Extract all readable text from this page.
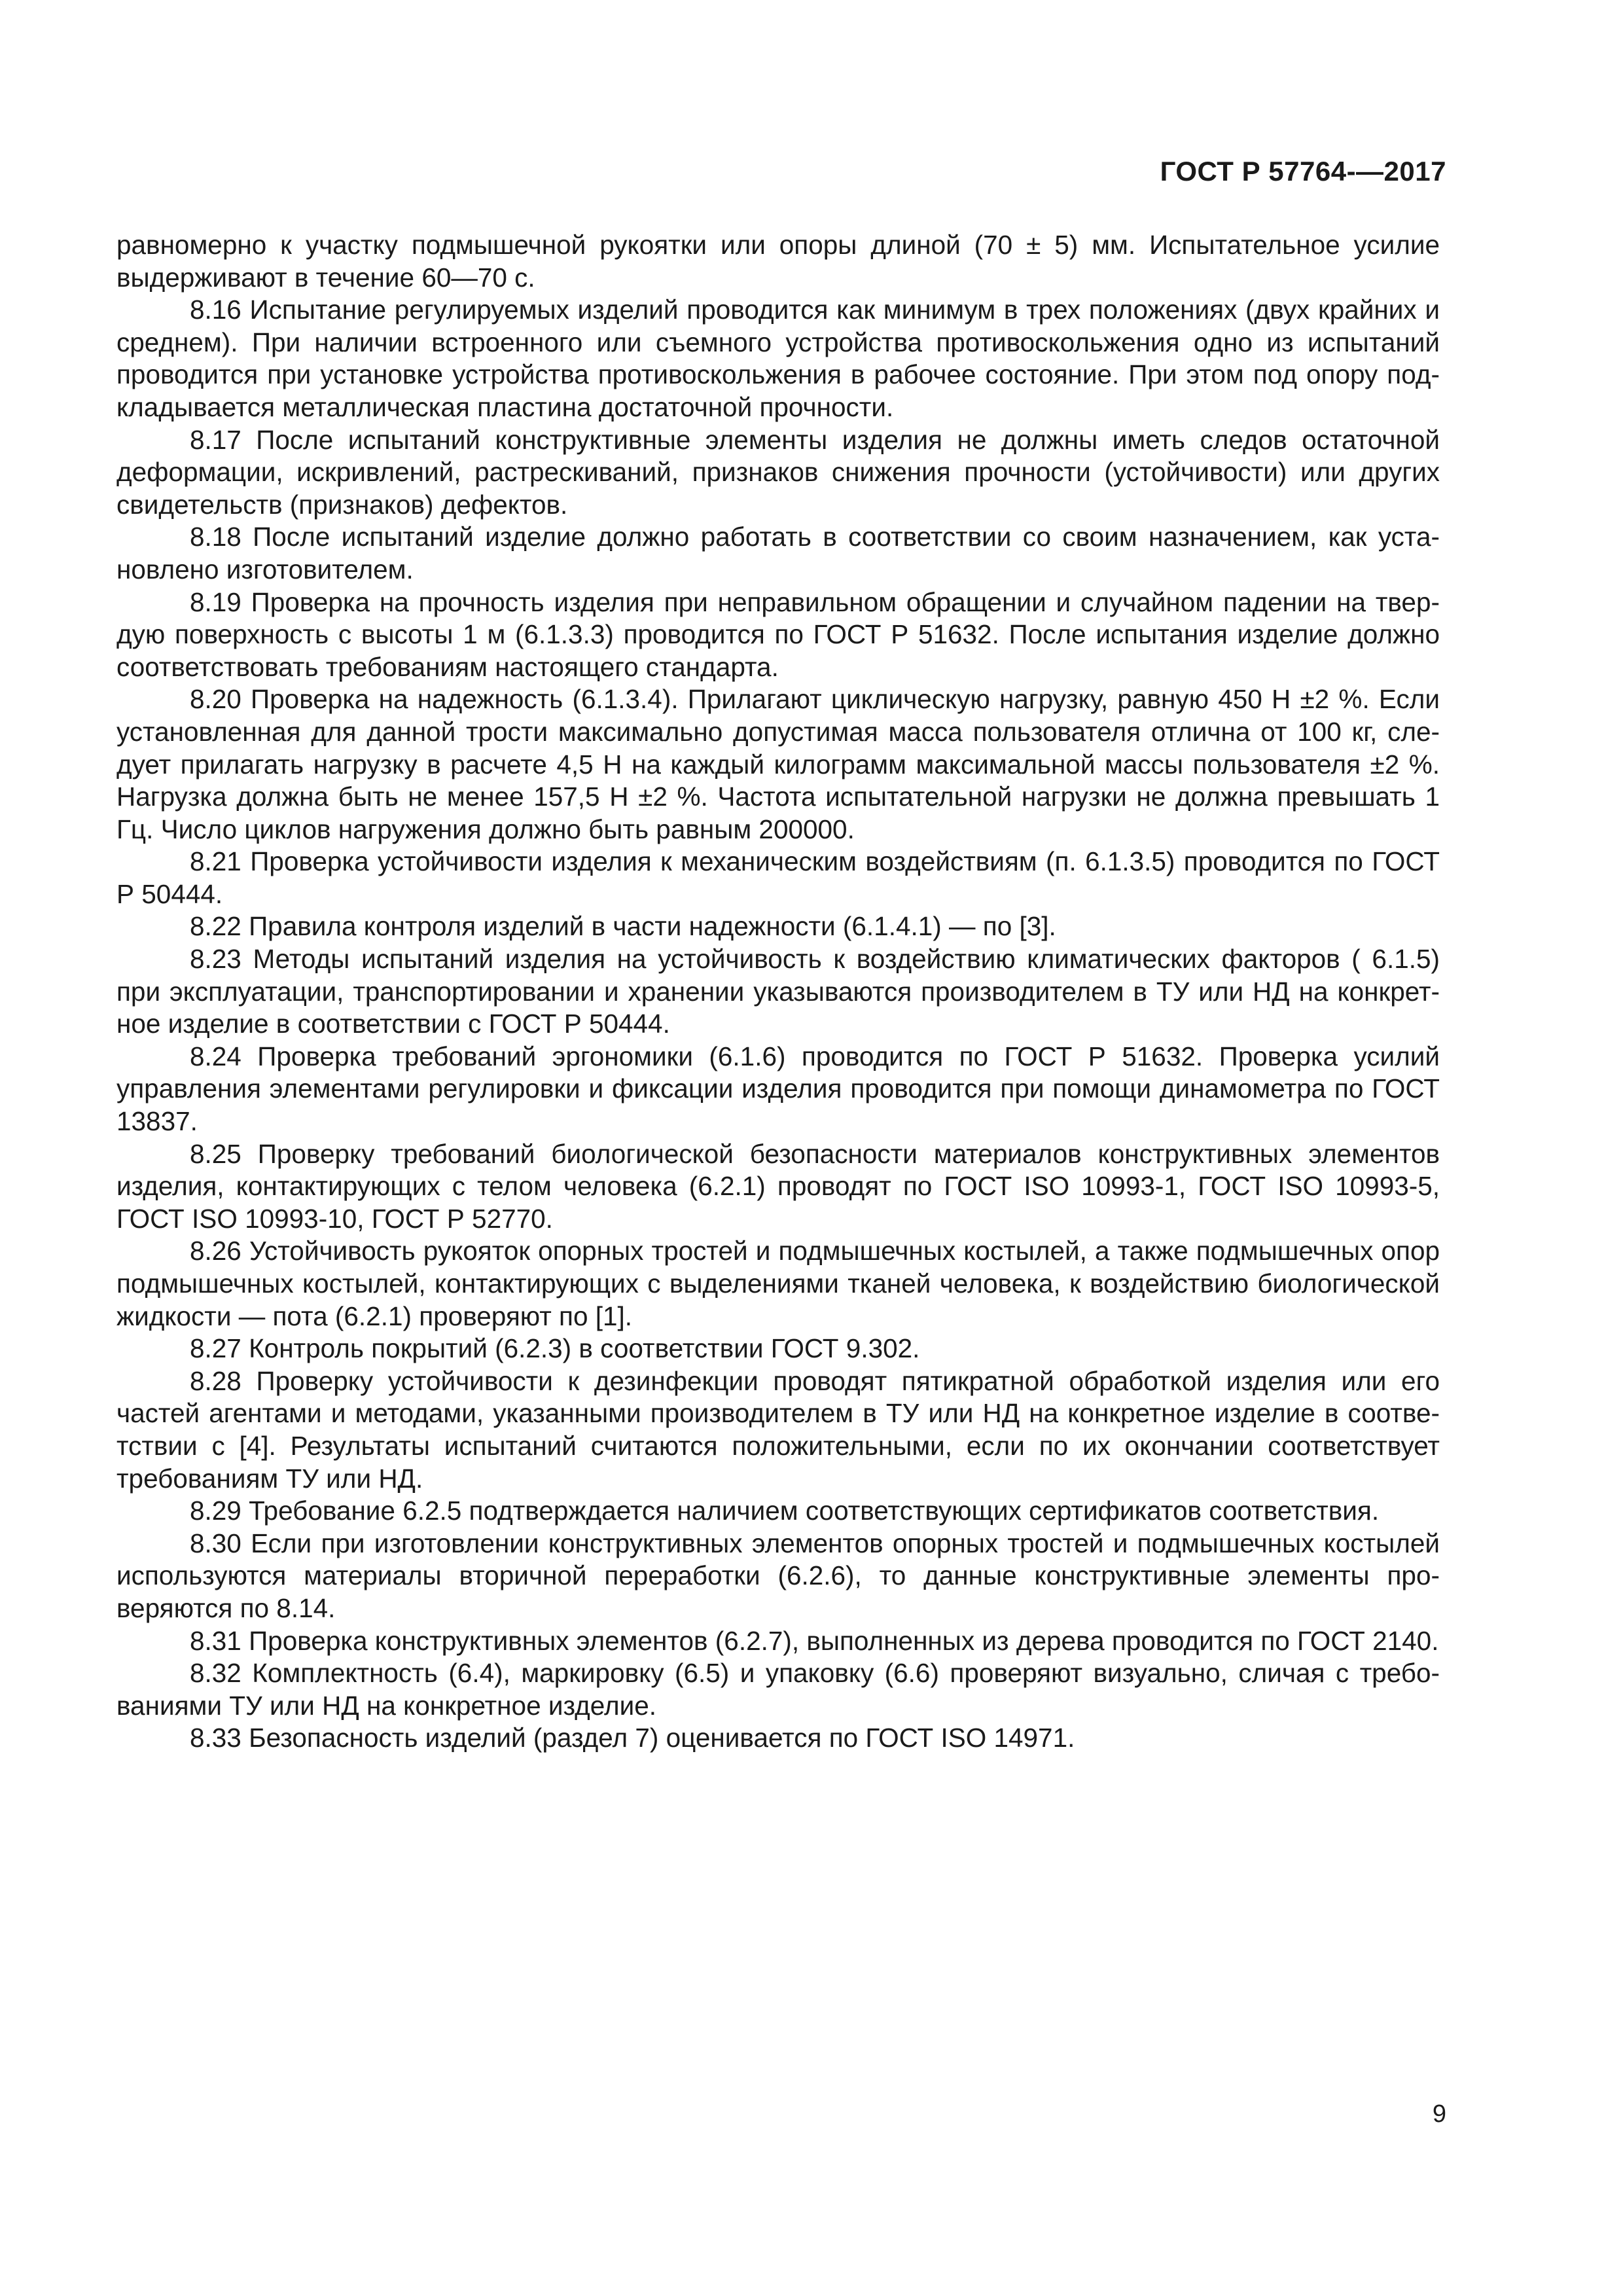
ГОСТ Р 57764-—2017

равномерно к участку подмышечной рукоятки или опоры длиной (70 ± 5) мм. Испытательное усилие выдерживают в течение 60—70 с.

8.16 Испытание регулируемых изделий проводится как минимум в трех положениях (двух крайних и среднем). При наличии встроенного или съемного устройства противоскольжения одно из испытаний проводится при установке устройства противоскольжения в рабочее состояние. При этом под опору подкладывается металлическая пластина достаточной прочности.

8.17 После испытаний конструктивные элементы изделия не должны иметь следов остаточной деформации, искривлений, растрескиваний, признаков снижения прочности (устойчивости) или других свидетельств (признаков) дефектов.

8.18 После испытаний изделие должно работать в соответствии со своим назначением, как установлено изготовителем.

8.19 Проверка на прочность изделия при неправильном обращении и случайном падении на твердую поверхность с высоты 1 м (6.1.3.3) проводится по ГОСТ Р 51632. После испытания изделие должно соответствовать требованиям настоящего стандарта.

8.20 Проверка на надежность (6.1.3.4). Прилагают циклическую нагрузку, равную 450 Н ±2 %. Если установленная для данной трости максимально допустимая масса пользователя отлична от 100 кг, следует прилагать нагрузку в расчете 4,5 Н на каждый килограмм максимальной массы пользователя ±2 %. Нагрузка должна быть не менее 157,5 Н ±2 %. Частота испытательной нагрузки не должна превышать 1 Гц. Число циклов нагружения должно быть равным 200000.

8.21 Проверка устойчивости изделия к механическим воздействиям (п. 6.1.3.5) проводится по ГОСТ Р 50444.

8.22 Правила контроля изделий в части надежности (6.1.4.1) — по [3].

8.23 Методы испытаний изделия на устойчивость к воздействию климатических факторов ( 6.1.5) при эксплуатации, транспортировании и хранении указываются производителем в ТУ или НД на конкретное изделие в соответствии с ГОСТ Р 50444.

8.24 Проверка требований эргономики (6.1.6) проводится по ГОСТ Р 51632. Проверка усилий управления элементами регулировки и фиксации изделия проводится при помощи динамометра по ГОСТ 13837.

8.25 Проверку требований биологической безопасности материалов конструктивных элементов изделия, контактирующих с телом человека (6.2.1) проводят по ГОСТ ISO 10993-1, ГОСТ ISO 10993-5, ГОСТ ISO 10993-10, ГОСТ Р 52770.

8.26 Устойчивость рукояток опорных тростей и подмышечных костылей, а также подмышечных опор подмышечных костылей, контактирующих с выделениями тканей человека, к воздействию биологической жидкости — пота (6.2.1) проверяют по [1].

8.27 Контроль покрытий (6.2.3) в соответствии ГОСТ 9.302.

8.28 Проверку устойчивости к дезинфекции проводят пятикратной обработкой изделия или его частей агентами и методами, указанными производителем в ТУ или НД на конкретное изделие в соответствии с [4]. Результаты испытаний считаются положительными, если по их окончании соответствует требованиям ТУ или НД.

8.29 Требование 6.2.5 подтверждается наличием соответствующих сертификатов соответствия.

8.30 Если при изготовлении конструктивных элементов опорных тростей и подмышечных костылей используются материалы вторичной переработки (6.2.6), то данные конструктивные элементы проверяются по 8.14.

8.31 Проверка конструктивных элементов (6.2.7), выполненных из дерева проводится по ГОСТ 2140.

8.32 Комплектность (6.4), маркировку (6.5) и упаковку (6.6) проверяют визуально, сличая с требованиями ТУ или НД на конкретное изделие.

8.33 Безопасность изделий (раздел 7) оценивается по ГОСТ ISO 14971.

9
